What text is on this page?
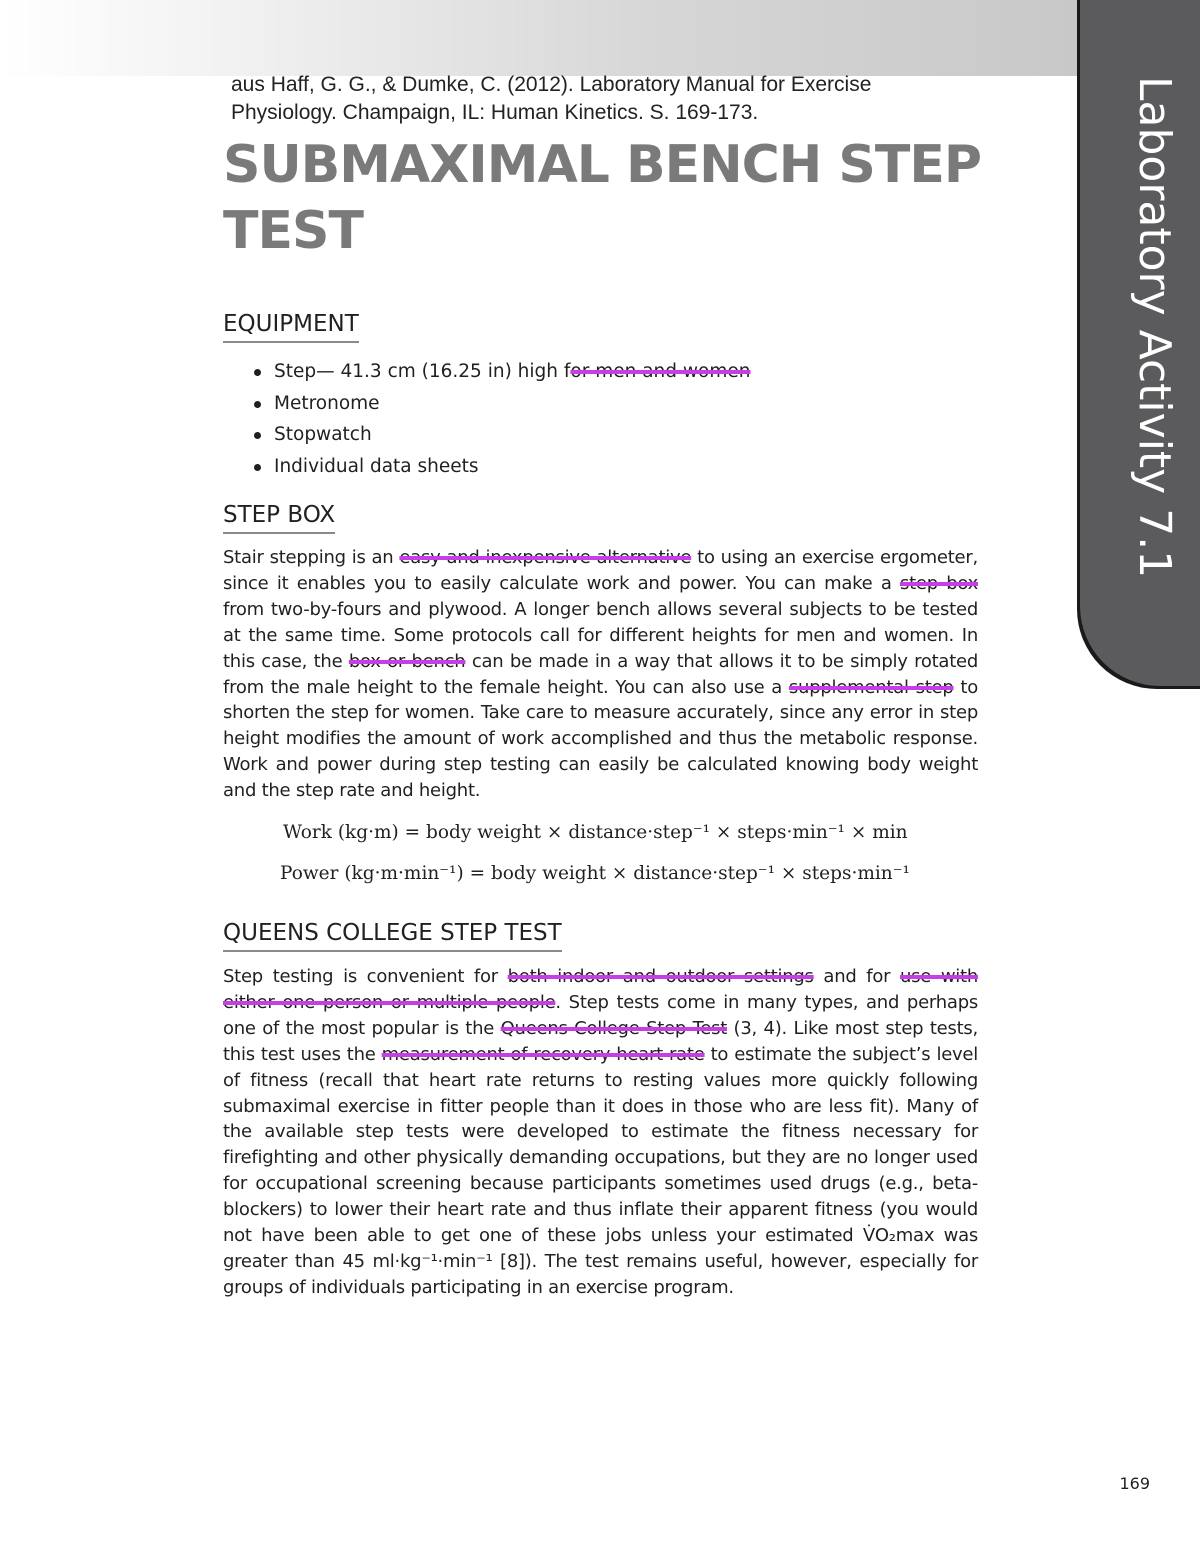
Laboratory Activity 7.1
aus Haff, G. G., & Dumke, C. (2012). Laboratory Manual for Exercise
Physiology. Champaign, IL: Human Kinetics. S. 169-173.
SUBMAXIMAL BENCH STEP
TEST
EQUIPMENT
Step— 41.3 cm (16.25 in) high for men and women
Metronome
Stopwatch
Individual data sheets
STEP BOX

Stair stepping is an easy and inexpensive alternative to using an exercise ergometer, since it enables you to easily calculate work and power. You can make a step box from two-by-fours and plywood. A longer bench allows several subjects to be tested at the same time. Some protocols call for different heights for men and women. In this case, the box or bench can be made in a way that allows it to be simply rotated from the male height to the female height. You can also use a supplemental step to shorten the step for women. Take care to measure accurately, since any error in step height modifies the amount of work accomplished and thus the metabolic response. Work and power during step testing can easily be calculated knowing body weight and the step rate and height.

Work (kg·m) = body weight × distance·step⁻¹ × steps·min⁻¹ × min
Power (kg·m·min⁻¹) = body weight × distance·step⁻¹ × steps·min⁻¹
QUEENS COLLEGE STEP TEST

Step testing is convenient for both indoor and outdoor settings and for use with either one person or multiple people. Step tests come in many types, and perhaps one of the most popular is the Queens College Step Test (3, 4). Like most step tests, this test uses the measurement of recovery heart rate to estimate the subject’s level of fitness (recall that heart rate returns to resting values more quickly following submaximal exercise in fitter people than it does in those who are less fit). Many of the available step tests were developed to estimate the fitness necessary for firefighting and other physically demanding occupations, but they are no longer used for occupational screening because participants sometimes used drugs (e.g., beta-blockers) to lower their heart rate and thus inflate their apparent fitness (you would not have been able to get one of these jobs unless your estimated V̇O₂max was greater than 45 ml·kg⁻¹·min⁻¹ [8]). The test remains useful, however, especially for groups of individuals participating in an exercise program.

169
